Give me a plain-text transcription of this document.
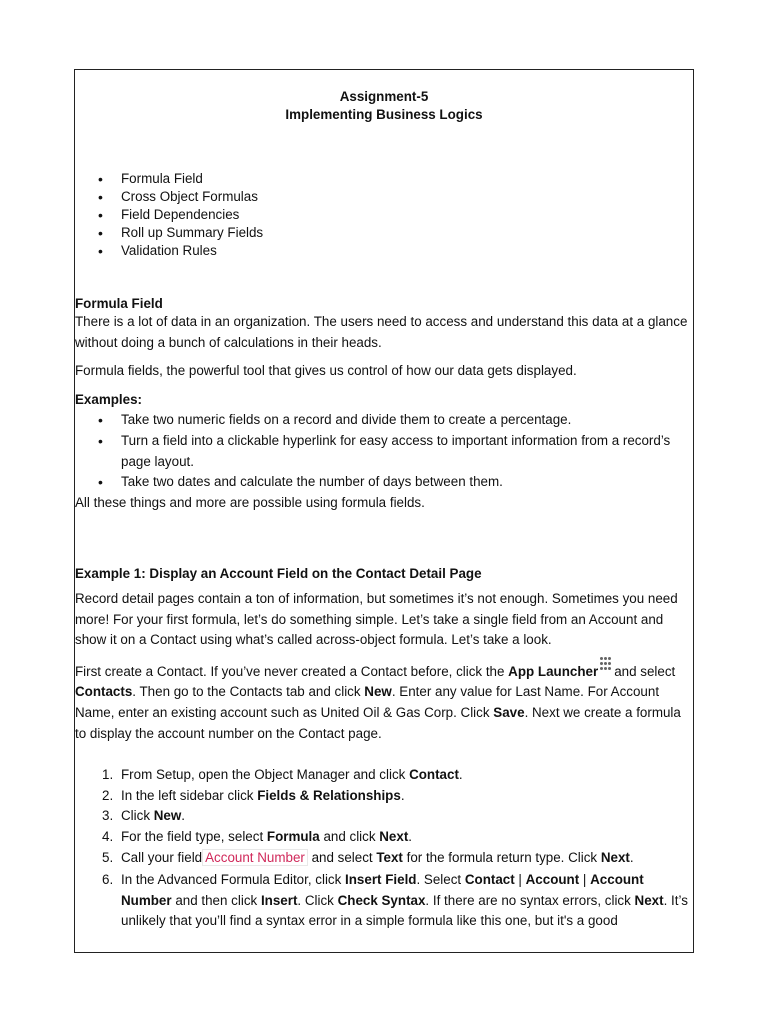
Assignment-5
Implementing Business Logics
• Formula Field
• Cross Object Formulas
• Field Dependencies
• Roll up Summary Fields
• Validation Rules

Formula Field

There is a lot of data in an organization. The users need to access and understand this data at a glance without doing a bunch of calculations in their heads.

Formula fields, the powerful tool that gives us control of how our data gets displayed.

Examples:

• Take two numeric fields on a record and divide them to create a percentage.
• Turn a field into a clickable hyperlink for easy access to important information from a record’s page layout.
• Take two dates and calculate the number of days between them.

All these things and more are possible using formula fields.

Example 1: Display an Account Field on the Contact Detail Page

Record detail pages contain a ton of information, but sometimes it’s not enough. Sometimes you need more! For your first formula, let’s do something simple. Let’s take a single field from an Account and show it on a Contact using what’s called across-object formula. Let’s take a look.

First create a Contact. If you’ve never created a Contact before, click the App Launcher and select Contacts. Then go to the Contacts tab and click New. Enter any value for Last Name. For Account Name, enter an existing account such as United Oil & Gas Corp. Click Save. Next we create a formula to display the account number on the Contact page.

1. From Setup, open the Object Manager and click Contact.
2. In the left sidebar click Fields & Relationships.
3. Click New.
4. For the field type, select Formula and click Next.
5. Call your field Account Number and select Text for the formula return type. Click Next.
6. In the Advanced Formula Editor, click Insert Field. Select Contact | Account | Account Number and then click Insert. Click Check Syntax. If there are no syntax errors, click Next. It’s unlikely that you’ll find a syntax error in a simple formula like this one, but it's a good
